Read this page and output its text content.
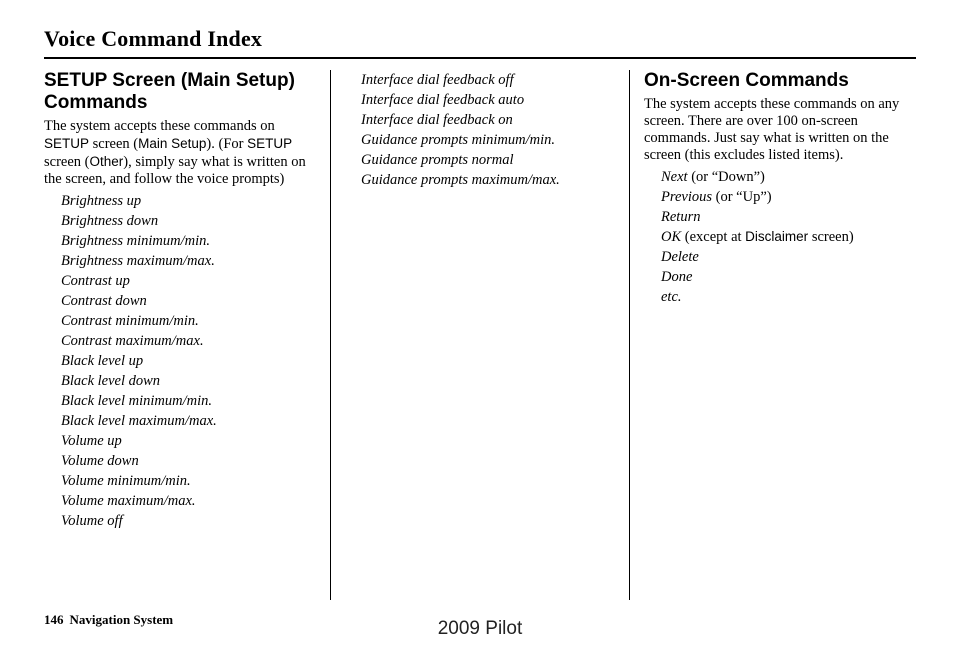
Voice Command Index
SETUP Screen (Main Setup) Commands

The system accepts these commands on SETUP screen (Main Setup). (For SETUP screen (Other), simply say what is written on the screen, and follow the voice prompts)

Brightness up
Brightness down
Brightness minimum/min.
Brightness maximum/max.
Contrast up
Contrast down
Contrast minimum/min.
Contrast maximum/max.
Black level up
Black level down
Black level minimum/min.
Black level maximum/max.
Volume up
Volume down
Volume minimum/min.
Volume maximum/max.
Volume off
Interface dial feedback off
Interface dial feedback auto
Interface dial feedback on
Guidance prompts minimum/min.
Guidance prompts normal
Guidance prompts maximum/max.
On-Screen Commands

The system accepts these commands on any screen. There are over 100 on-screen commands. Just say what is written on the screen (this excludes listed items).

Next (or “Down”)
Previous (or “Up”)
Return
OK (except at Disclaimer screen)
Delete
Done
etc.
146 Navigation System	2009 Pilot
